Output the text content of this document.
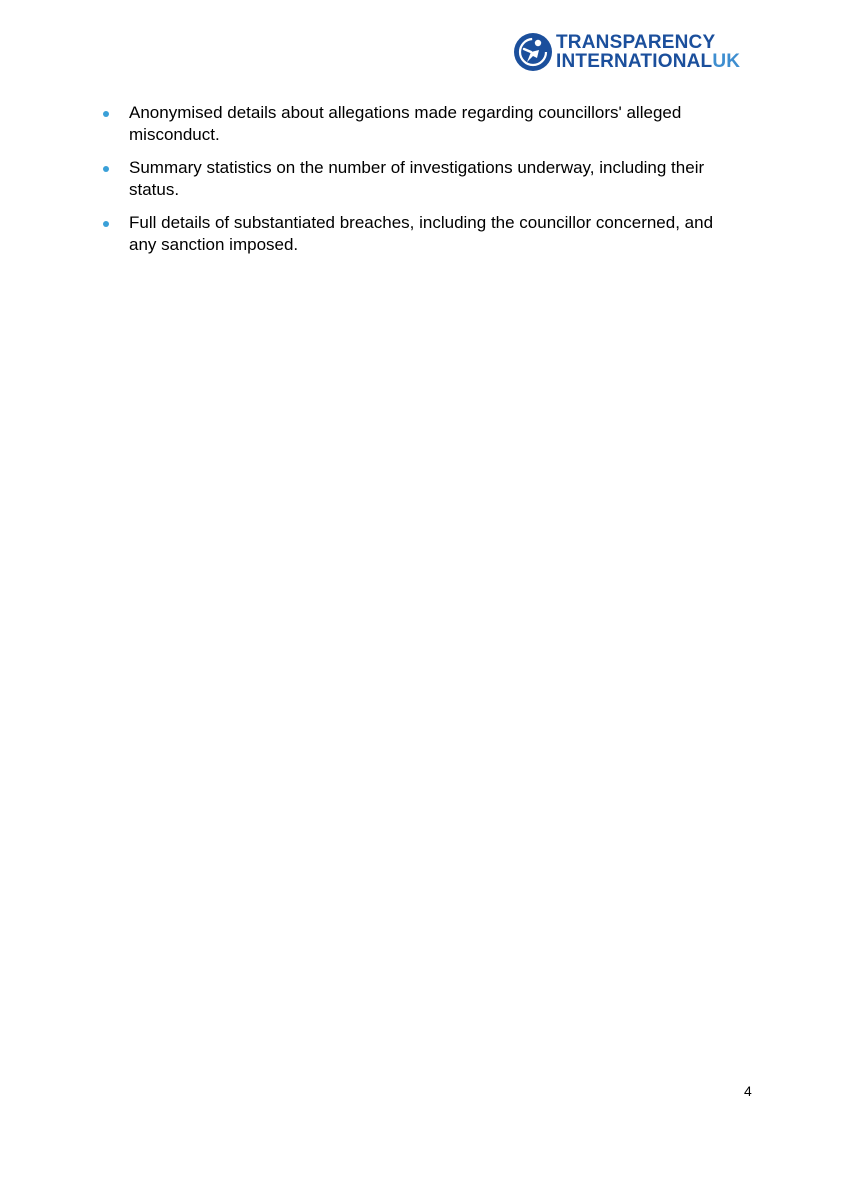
TRANSPARENCY
INTERNATIONALUK
Anonymised details about allegations made regarding councillors' alleged misconduct.
Summary statistics on the number of investigations underway, including their status.
Full details of substantiated breaches, including the councillor concerned, and any sanction imposed.
4
